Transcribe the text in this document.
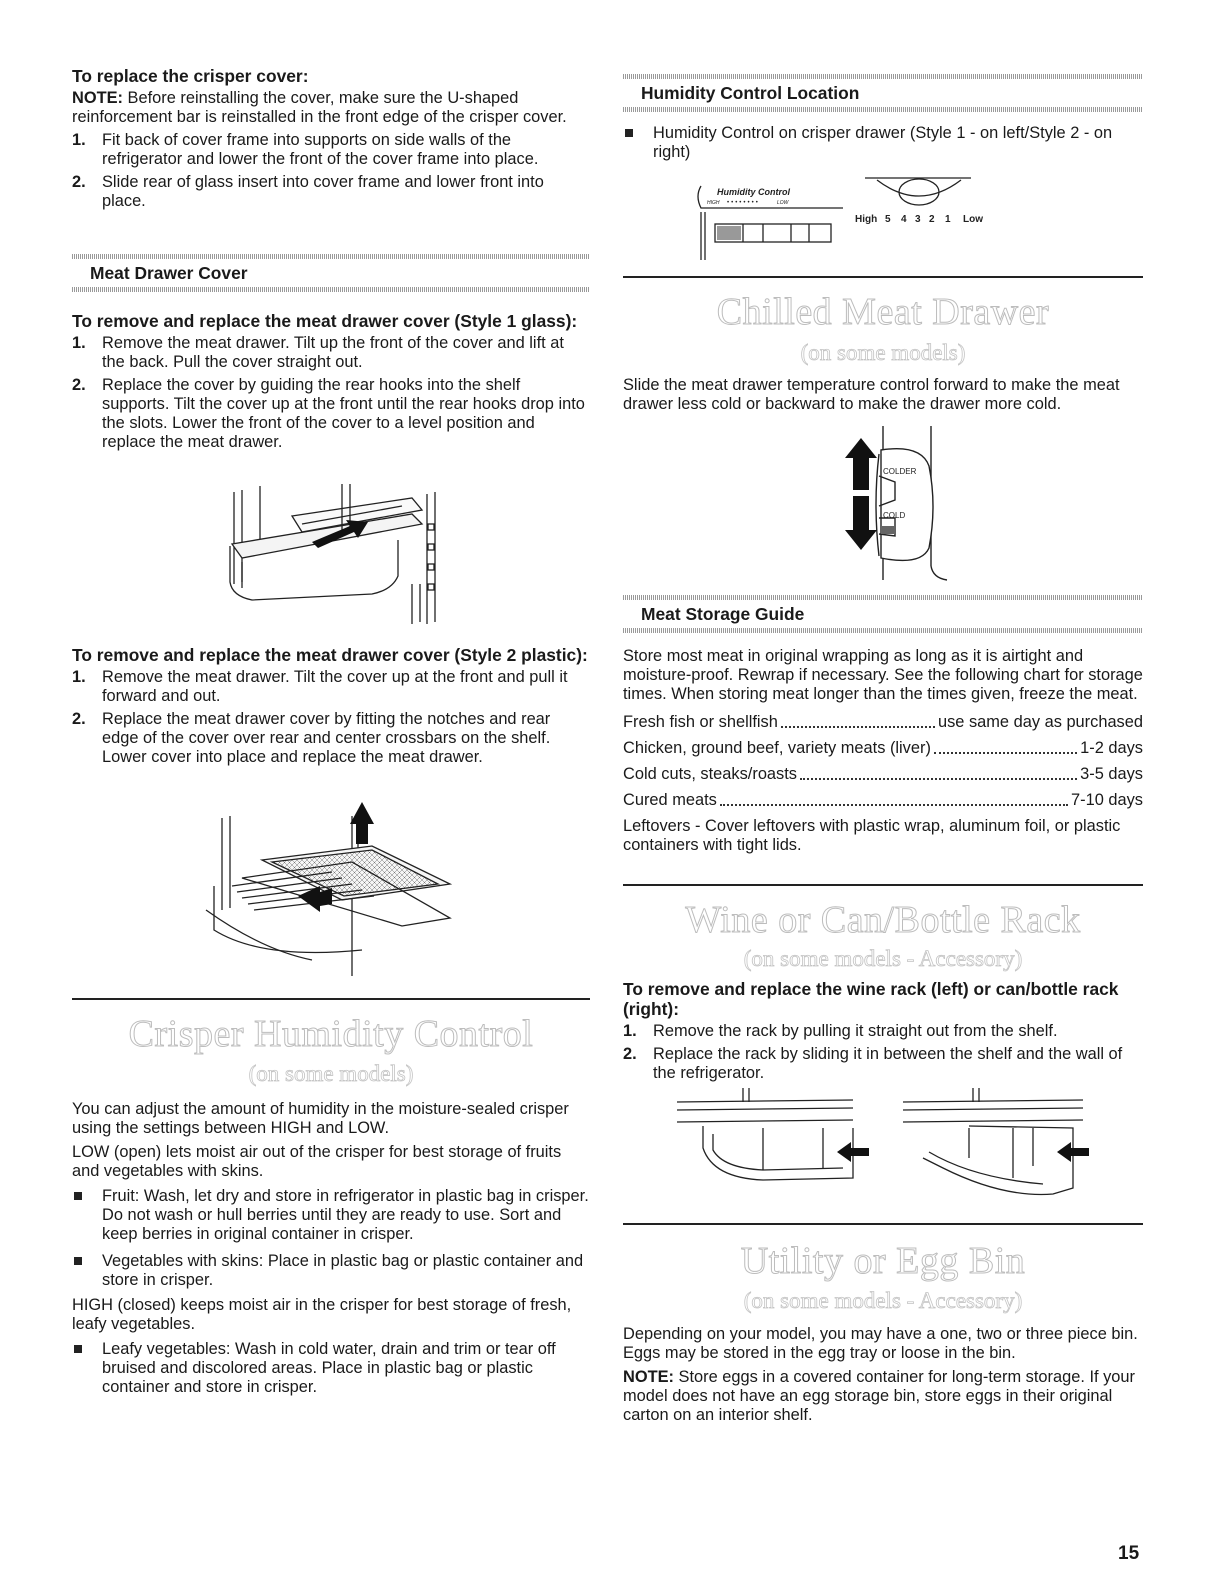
To replace the crisper cover:

NOTE: Before reinstalling the cover, make sure the U-shaped reinforcement bar is reinstalled in the front edge of the crisper cover.

1. Fit back of cover frame into supports on side walls of the refrigerator and lower the front of the cover frame into place.
2. Slide rear of glass insert into cover frame and lower front into place.
Meat Drawer Cover

To remove and replace the meat drawer cover (Style 1 glass):

1. Remove the meat drawer. Tilt up the front of the cover and lift at the back. Pull the cover straight out.
2. Replace the cover by guiding the rear hooks into the shelf supports. Tilt the cover up at the front until the rear hooks drop into the slots. Lower the front of the cover to a level position and replace the meat drawer.

To remove and replace the meat drawer cover (Style 2 plastic):

1. Remove the meat drawer. Tilt the cover up at the front and pull it forward and out.
2. Replace the meat drawer cover by fitting the notches and rear edge of the cover over rear and center crossbars on the shelf. Lower cover into place and replace the meat drawer.

Crisper Humidity Control

(on some models)

You can adjust the amount of humidity in the moisture-sealed crisper using the settings between HIGH and LOW.

LOW (open) lets moist air out of the crisper for best storage of fruits and vegetables with skins.

Fruit: Wash, let dry and store in refrigerator in plastic bag in crisper. Do not wash or hull berries until they are ready to use. Sort and keep berries in original container in crisper.
Vegetables with skins: Place in plastic bag or plastic container and store in crisper.

HIGH (closed) keeps moist air in the crisper for best storage of fresh, leafy vegetables.

Leafy vegetables: Wash in cold water, drain and trim or tear off bruised and discolored areas. Place in plastic bag or plastic container and store in crisper.
Humidity Control Location
Humidity Control on crisper drawer (Style 1 - on left/Style 2 - on right)
Humidity Control
HIGH ••••••••	LOW
High 5 4 3 2 1 Low

Chilled Meat Drawer

(on some models)

Slide the meat drawer temperature control forward to make the meat drawer less cold or backward to make the drawer more cold.

COLDER
COLD
Meat Storage Guide

Store most meat in original wrapping as long as it is airtight and moisture-proof. Rewrap if necessary. See the following chart for storage times. When storing meat longer than the times given, freeze the meat.

Fresh fish or shellfish	use same day as purchased
Chicken, ground beef, variety meats (liver)	1-2 days
Cold cuts, steaks/roasts	3-5 days
Cured meats	7-10 days

Leftovers - Cover leftovers with plastic wrap, aluminum foil, or plastic containers with tight lids.

Wine or Can/Bottle Rack

(on some models - Accessory)

To remove and replace the wine rack (left) or can/bottle rack (right):

1. Remove the rack by pulling it straight out from the shelf.
2. Replace the rack by sliding it in between the shelf and the wall of the refrigerator.

Utility or Egg Bin

(on some models - Accessory)

Depending on your model, you may have a one, two or three piece bin. Eggs may be stored in the egg tray or loose in the bin.

NOTE: Store eggs in a covered container for long-term storage. If your model does not have an egg storage bin, store eggs in their original carton on an interior shelf.

15
